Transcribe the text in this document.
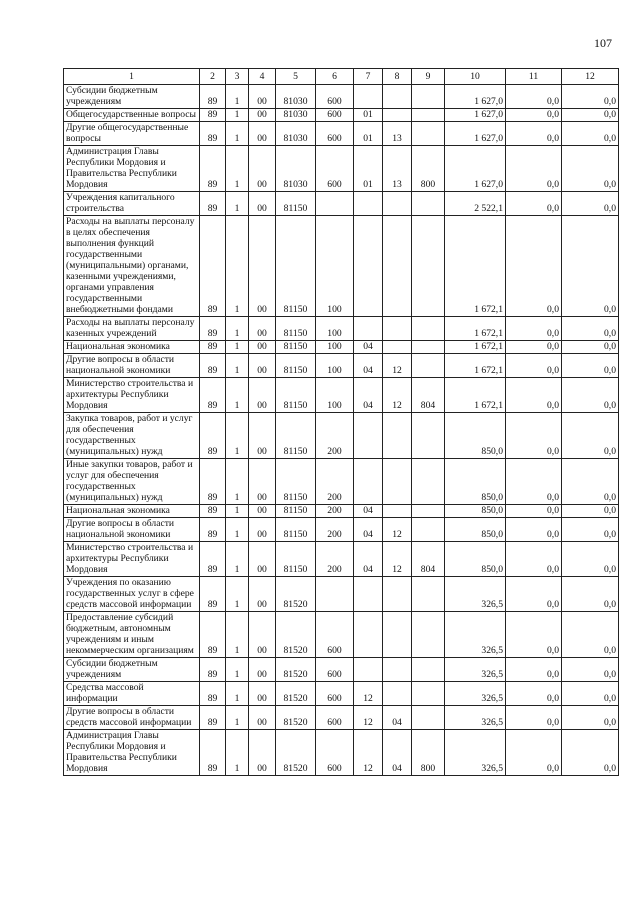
107
1	2	3	4	5	6	7	8	9	10	11	12
Субсидии бюджетным учреждениям	89	1	00	81030	600				1 627,0	0,0	0,0
Общегосударственные вопросы	89	1	00	81030	600	01			1 627,0	0,0	0,0
Другие общегосударственные вопросы	89	1	00	81030	600	01	13		1 627,0	0,0	0,0
Администрация Главы Республики Мордовия и Правительства Республики Мордовия	89	1	00	81030	600	01	13	800	1 627,0	0,0	0,0
Учреждения капитального строительства	89	1	00	81150					2 522,1	0,0	0,0
Расходы на выплаты персоналу в целях обеспечения выполнения функций государственными (муниципальными) органами, казенными учреждениями, органами управления государственными внебюджетными фондами	89	1	00	81150	100				1 672,1	0,0	0,0
Расходы на выплаты персоналу казенных учреждений	89	1	00	81150	100				1 672,1	0,0	0,0
Национальная экономика	89	1	00	81150	100	04			1 672,1	0,0	0,0
Другие вопросы в области национальной экономики	89	1	00	81150	100	04	12		1 672,1	0,0	0,0
Министерство строительства и архитектуры Республики Мордовия	89	1	00	81150	100	04	12	804	1 672,1	0,0	0,0
Закупка товаров, работ и услуг для обеспечения государственных (муниципальных) нужд	89	1	00	81150	200				850,0	0,0	0,0
Иные закупки товаров, работ и услуг для обеспечения государственных (муниципальных) нужд	89	1	00	81150	200				850,0	0,0	0,0
Национальная экономика	89	1	00	81150	200	04			850,0	0,0	0,0
Другие вопросы в области национальной экономики	89	1	00	81150	200	04	12		850,0	0,0	0,0
Министерство строительства и архитектуры Республики Мордовия	89	1	00	81150	200	04	12	804	850,0	0,0	0,0
Учреждения по оказанию государственных услуг в сфере средств массовой информации	89	1	00	81520					326,5	0,0	0,0
Предоставление субсидий бюджетным, автономным учреждениям и иным некоммерческим организациям	89	1	00	81520	600				326,5	0,0	0,0
Субсидии бюджетным учреждениям	89	1	00	81520	600				326,5	0,0	0,0
Средства массовой информации	89	1	00	81520	600	12			326,5	0,0	0,0
Другие вопросы в области средств массовой информации	89	1	00	81520	600	12	04		326,5	0,0	0,0
Администрация Главы Республики Мордовия и Правительства Республики Мордовия	89	1	00	81520	600	12	04	800	326,5	0,0	0,0
